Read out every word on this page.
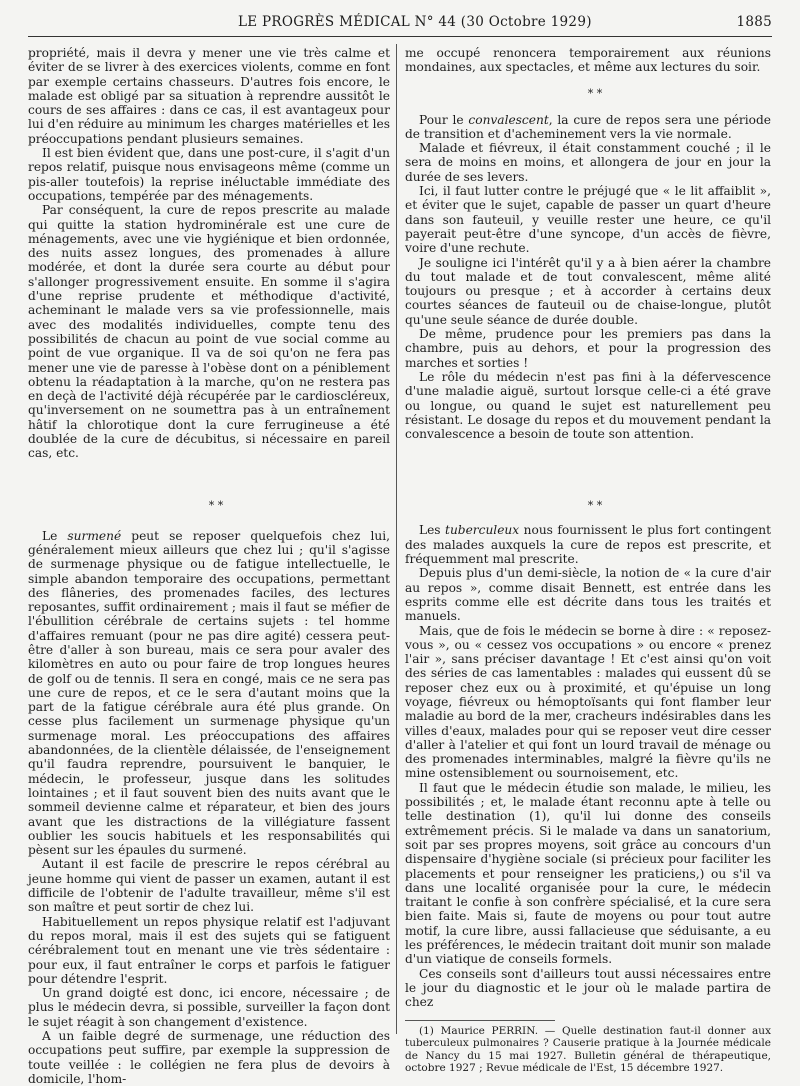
LE PROGRÈS MÉDICAL N° 44 (30 Octobre 1929)	1885

propriété, mais il devra y mener une vie très calme et éviter de se livrer à des exercices violents, comme en font par exemple certains chasseurs. D'autres fois encore, le malade est obligé par sa situation à reprendre aussitôt le cours de ses affaires : dans ce cas, il est avantageux pour lui d'en réduire au minimum les charges matérielles et les préoccupations pendant plusieurs semaines.

Il est bien évident que, dans une post-cure, il s'agit d'un repos relatif, puisque nous envisageons même (comme un pis-aller toutefois) la reprise inéluctable immédiate des occupations, tempérée par des ménagements.

Par conséquent, la cure de repos prescrite au malade qui quitte la station hydrominérale est une cure de ménagements, avec une vie hygiénique et bien ordonnée, des nuits assez longues, des promenades à allure modérée, et dont la durée sera courte au début pour s'allonger progressivement ensuite. En somme il s'agira d'une reprise prudente et méthodique d'activité, acheminant le malade vers sa vie professionnelle, mais avec des modalités individuelles, compte tenu des possibilités de chacun au point de vue social comme au point de vue organique. Il va de soi qu'on ne fera pas mener une vie de paresse à l'obèse dont on a péniblement obtenu la réadaptation à la marche, qu'on ne restera pas en deçà de l'activité déjà récupérée par le cardiosclérеux, qu'inversement on ne soumettra pas à un entraînement hâtif la chlorotique dont la cure ferrugineuse a été doublée de la cure de décubitus, si nécessaire en pareil cas, etc.

* *

Le surmené peut se reposer quelquefois chez lui, généralement mieux ailleurs que chez lui ; qu'il s'agisse de surmenage physique ou de fatigue intellectuelle, le simple abandon temporaire des occupations, permettant des flâneries, des promenades faciles, des lectures reposantes, suffit ordinairement ; mais il faut se méfier de l'ébullition cérébrale de certains sujets : tel homme d'affaires remuant (pour ne pas dire agité) cessera peut-être d'aller à son bureau, mais ce sera pour avaler des kilomètres en auto ou pour faire de trop longues heures de golf ou de tennis. Il sera en congé, mais ce ne sera pas une cure de repos, et ce le sera d'autant moins que la part de la fatigue cérébrale aura été plus grande. On cesse plus facilement un surmenage physique qu'un surmenage moral. Les préoccupations des affaires abandonnées, de la clientèle délaissée, de l'enseignement qu'il faudra reprendre, poursuivent le banquier, le médecin, le professeur, jusque dans les solitudes lointaines ; et il faut souvent bien des nuits avant que le sommeil devienne calme et réparateur, et bien des jours avant que les distractions de la villégiature fassent oublier les soucis habituels et les responsabilités qui pèsent sur les épaules du surmené.

Autant il est facile de prescrire le repos cérébral au jeune homme qui vient de passer un examen, autant il est difficile de l'obtenir de l'adulte travailleur, même s'il est son maître et peut sortir de chez lui.

Habituellement un repos physique relatif est l'adjuvant du repos moral, mais il est des sujets qui se fatiguent cérébralement tout en menant une vie très sédentaire : pour eux, il faut entraîner le corps et parfois le fatiguer pour détendre l'esprit.

Un grand doigté est donc, ici encore, nécessaire ; de plus le médecin devra, si possible, surveiller la façon dont le sujet réagit à son changement d'existence.

A un faible degré de surmenage, une réduction des occupations peut suffire, par exemple la suppression de toute veillée : le collégien ne fera plus de devoirs à domicile, l'hom-

me occupé renoncera temporairement aux réunions mondaines, aux spectacles, et même aux lectures du soir.

* *

Pour le convalescent, la cure de repos sera une période de transition et d'acheminement vers la vie normale.

Malade et fiévreux, il était constamment couché ; il le sera de moins en moins, et allongera de jour en jour la durée de ses levers.

Ici, il faut lutter contre le préjugé que « le lit affaiblit », et éviter que le sujet, capable de passer un quart d'heure dans son fauteuil, y veuille rester une heure, ce qu'il payerait peut-être d'une syncope, d'un accès de fièvre, voire d'une rechute.

Je souligne ici l'intérêt qu'il y a à bien aérer la chambre du tout malade et de tout convalescent, même alité toujours ou presque ; et à accorder à certains deux courtes séances de fauteuil ou de chaise-longue, plutôt qu'une seule séance de durée double.

De même, prudence pour les premiers pas dans la chambre, puis au dehors, et pour la progression des marches et sorties !

Le rôle du médecin n'est pas fini à la défervescence d'une maladie aiguë, surtout lorsque celle-ci a été grave ou longue, ou quand le sujet est naturellement peu résistant. Le dosage du repos et du mouvement pendant la convalescence a besoin de toute son attention.

* *

Les tuberculeux nous fournissent le plus fort contingent des malades auxquels la cure de repos est prescrite, et fréquemment mal prescrite.

Depuis plus d'un demi-siècle, la notion de « la cure d'air au repos », comme disait Bennett, est entrée dans les esprits comme elle est décrite dans tous les traités et manuels.

Mais, que de fois le médecin se borne à dire : « reposez-vous », ou « cessez vos occupations » ou encore « prenez l'air », sans préciser davantage ! Et c'est ainsi qu'on voit des séries de cas lamentables : malades qui eussent dû se reposer chez eux ou à proximité, et qu'épuise un long voyage, fiévreux ou hémoptoïsants qui font flamber leur maladie au bord de la mer, cracheurs indésirables dans les villes d'eaux, malades pour qui se reposer veut dire cesser d'aller à l'atelier et qui font un lourd travail de ménage ou des promenades interminables, malgré la fièvre qu'ils ne mine ostensiblement ou sournoisement, etc.

Il faut que le médecin étudie son malade, le milieu, les possibilités ; et, le malade étant reconnu apte à telle ou telle destination (1), qu'il lui donne des conseils extrêmement précis. Si le malade va dans un sanatorium, soit par ses propres moyens, soit grâce au concours d'un dispensaire d'hygiène sociale (si précieux pour faciliter les placements et pour renseigner les praticiens,) ou s'il va dans une localité organisée pour la cure, le médecin traitant le confie à son confrère spécialisé, et la cure sera bien faite. Mais si, faute de moyens ou pour tout autre motif, la cure libre, aussi fallacieuse que séduisante, a eu les préférences, le médecin traitant doit munir son malade d'un viatique de conseils formels.

Ces conseils sont d'ailleurs tout aussi nécessaires entre le jour du diagnostic et le jour où le malade partira de chez

(1) Maurice PERRIN. — Quelle destination faut-il donner aux tuberculeux pulmonaires ? Causerie pratique à la Journée médicale de Nancy du 15 mai 1927. Bulletin général de thérapeutique, octobre 1927 ; Revue médicale de l'Est, 15 décembre 1927.
